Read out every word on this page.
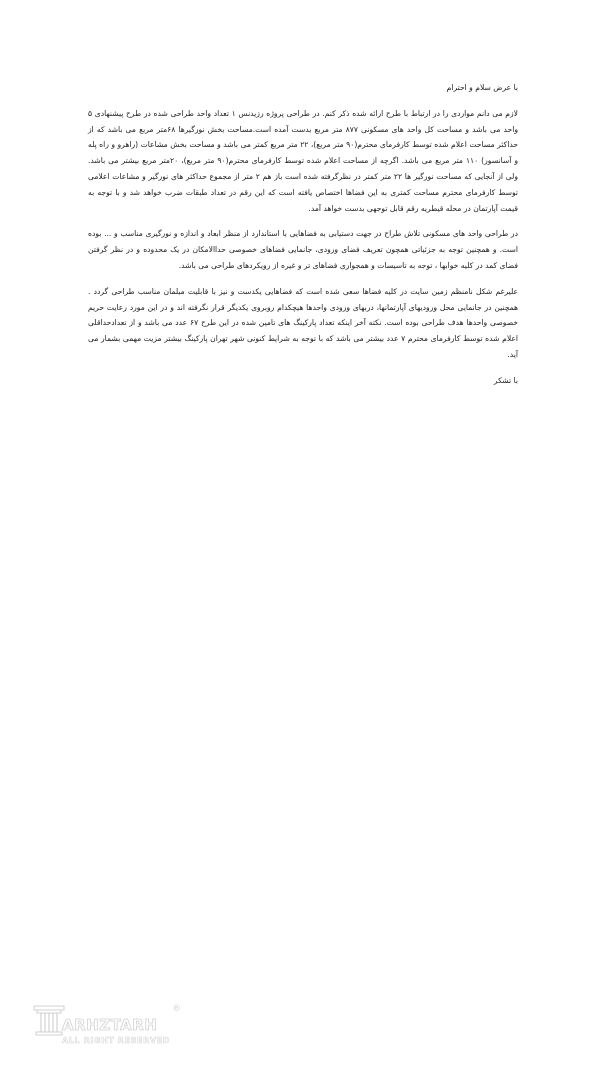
با عرض سلام و احترام

لازم می دانم مواردی را در ارتباط با طرح ارائه شده ذکر کنم. در طراحی پروژه رزیدنس ۱ تعداد واحد طراحی شده در طرح پیشنهادی ۵ واحد می باشد و مساحت کل واحد های مسکونی ۸۷۷ متر مربع بدست آمده است.مساحت بخش نورگیرها ۶۸متر مربع می باشد که از حداکثر مساحت اعلام شده توسط کارفرمای محترم(۹۰ متر مربع)، ۲۲ متر مربع کمتر می باشد و مساحت بخش مشاعات (راهرو و راه پله و آسانسور) ۱۱۰ متر مربع می باشد. اگرچه از مساحت اعلام شده توسط کارفرمای محترم(۹۰ متر مربع)، ۲۰متر مربع بیشتر می باشد. ولی از آنجایی که مساحت نورگیر ها ۲۲ متر کمتر در نظرگرفته شده است باز هم ۲ متر از مجموع حداکثر های نورگیر و مشاعات اعلامی توسط کارفرمای محترم مساحت کمتری به این فضاها اختصاص یافته است که این رقم در تعداد طبقات ضرب خواهد شد و با توجه به قیمت آپارتمان در محله قیطریه رقم قابل توجهی بدست خواهد آمد.

در طراحی واحد های مسکونی تلاش طراح در جهت دستیابی به فضاهایی با استاندارد از منظر ابعاد و اندازه و نورگیری مناسب و ... بوده است. و همچنین توجه به جزئیاتی همچون تعریف فضای ورودی، جانمایی فضاهای خصوصی حداالامکان در یک محدوده و در نظر گرفتن فضای کمد در کلیه خوابها ، توجه به تاسیسات و همجواری فضاهای تر و غیره از رویکردهای طراحی می باشد.

علیرغم شکل نامنظم زمین سایت در کلیه فضاها سعی شده است که فضاهایی یکدست و نیز با قابلیت مبلمان مناسب طراحی گردد . همچنین در جانمایی محل ورودیهای آپارتمانها، دربهای ورودی واحدها هیچکدام روبروی یکدیگر قرار نگرفته اند و در این مورد رعایت حریم خصوصی واحدها هدف طراحی بوده است. نکته آخر اینکه تعداد پارکینگ های تامین شده در این طرح ۶۷ عدد می باشد و از تعدادحداقلی اعلام شده توسط کارفرمای محترم ۷ عدد بیشتر می باشد که با توجه به شرایط کنونی شهر تهران پارکینگ بیشتر مزیت مهمی بشمار می آید.

با تشکر

ARHZTARH
®
ALL RIGHT RESERVED
